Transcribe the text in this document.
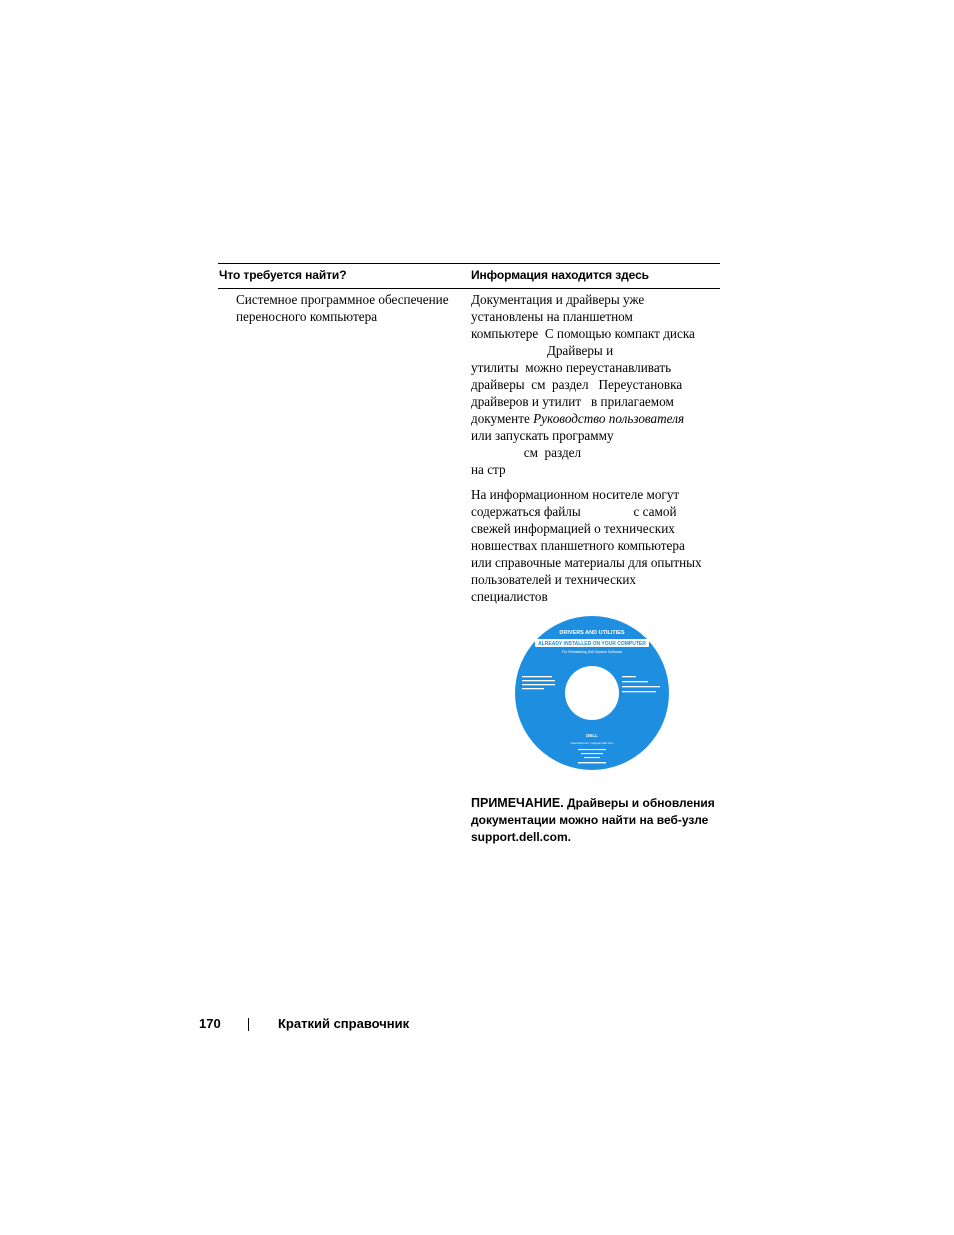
Что требуется найти?	Информация находится здесь
Системное программное обеспечение переносного компьютера
Документация и драйверы уже
установлены на планшетном
компьютере  С помощью компакт диска
Драйверы и
утилиты  можно переустанавливать
драйверы  см  раздел   Переустановка
драйверов и утилит   в прилагаемом
документе Руководство пользователя
или запускать программу
см  раздел
на стр
На информационном носителе могут
содержаться файлы                с самой
свежей информацией о технических
новшествах планшетного компьютера
или справочные материалы для опытных
пользователей и технических
специалистов
DRIVERS AND UTILITIES
ALREADY INSTALLED ON YOUR COMPUTER
For Reinstalling Dell System Software
DELL
www.dell.com | support.dell.com
ПРИМЕЧАНИЕ. Драйверы и обновления документации можно найти на веб-узле support.dell.com.
170	Краткий справочник
